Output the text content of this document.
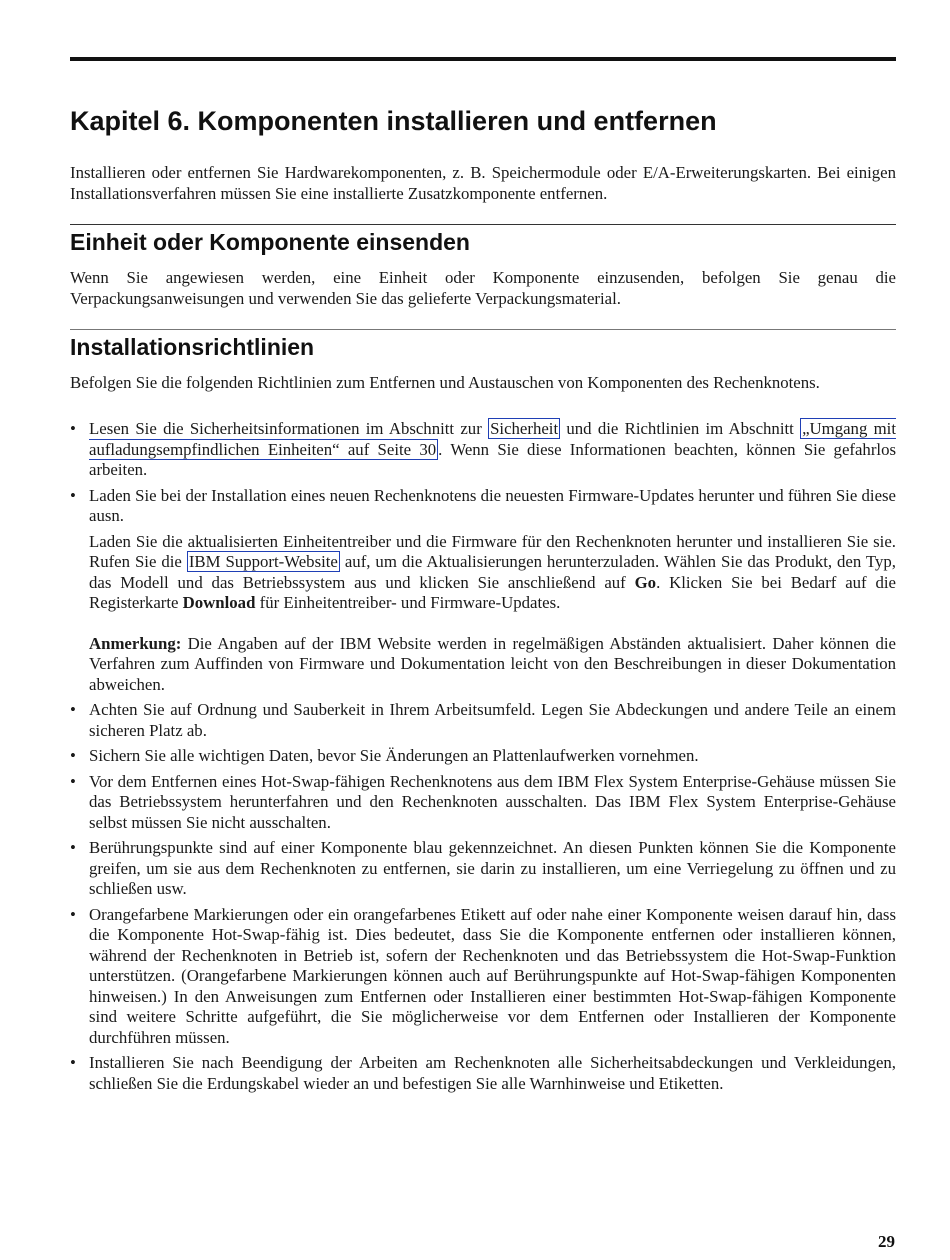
Kapitel 6. Komponenten installieren und entfernen

Installieren oder entfernen Sie Hardwarekomponenten, z. B. Speichermodule oder E/A-Erweiterungskarten. Bei einigen Installationsverfahren müssen Sie eine installierte Zusatzkomponente entfernen.

Einheit oder Komponente einsenden

Wenn Sie angewiesen werden, eine Einheit oder Komponente einzusenden, befolgen Sie genau die Verpackungsanweisungen und verwenden Sie das gelieferte Verpackungsmaterial.

Installationsrichtlinien

Befolgen Sie die folgenden Richtlinien zum Entfernen und Austauschen von Komponenten des Rechenknotens.

• Lesen Sie die Sicherheitsinformationen im Abschnitt zur Sicherheit und die Richtlinien im Abschnitt „Umgang mit aufladungsempfindlichen Einheiten“ auf Seite 30 . Wenn Sie diese Informationen beachten, können Sie gefahrlos arbeiten.

• Laden Sie bei der Installation eines neuen Rechenknotens die neuesten Firmware-Updates herunter und führen Sie diese ausn.

Laden Sie die aktualisierten Einheitentreiber und die Firmware für den Rechenknoten herunter und installieren Sie sie. Rufen Sie die IBM Support-Website auf, um die Aktualisierungen herunterzuladen. Wählen Sie das Produkt, den Typ, das Modell und das Betriebssystem aus und klicken Sie anschließend auf Go. Klicken Sie bei Bedarf auf die Registerkarte Download für Einheitentreiber- und Firmware-Updates.

Anmerkung: Die Angaben auf der IBM Website werden in regelmäßigen Abständen aktualisiert. Daher können die Verfahren zum Auffinden von Firmware und Dokumentation leicht von den Beschreibungen in dieser Dokumentation abweichen.

• Achten Sie auf Ordnung und Sauberkeit in Ihrem Arbeitsumfeld. Legen Sie Abdeckungen und andere Teile an einem sicheren Platz ab.

• Sichern Sie alle wichtigen Daten, bevor Sie Änderungen an Plattenlaufwerken vornehmen.

• Vor dem Entfernen eines Hot-Swap-fähigen Rechenknotens aus dem IBM Flex System Enterprise-Gehäuse müssen Sie das Betriebssystem herunterfahren und den Rechenknoten ausschalten. Das IBM Flex System Enterprise-Gehäuse selbst müssen Sie nicht ausschalten.

• Berührungspunkte sind auf einer Komponente blau gekennzeichnet. An diesen Punkten können Sie die Komponente greifen, um sie aus dem Rechenknoten zu entfernen, sie darin zu installieren, um eine Verriegelung zu öffnen und zu schließen usw.

• Orangefarbene Markierungen oder ein orangefarbenes Etikett auf oder nahe einer Komponente weisen darauf hin, dass die Komponente Hot-Swap-fähig ist. Dies bedeutet, dass Sie die Komponente entfernen oder installieren können, während der Rechenknoten in Betrieb ist, sofern der Rechenknoten und das Betriebssystem die Hot-Swap-Funktion unterstützen. (Orangefarbene Markierungen können auch auf Berührungspunkte auf Hot-Swap-fähigen Komponenten hinweisen.) In den Anweisungen zum Entfernen oder Installieren einer bestimmten Hot-Swap-fähigen Komponente sind weitere Schritte aufgeführt, die Sie möglicherweise vor dem Entfernen oder Installieren der Komponente durchführen müssen.

• Installieren Sie nach Beendigung der Arbeiten am Rechenknoten alle Sicherheitsabdeckungen und Verkleidungen, schließen Sie die Erdungskabel wieder an und befestigen Sie alle Warnhinweise und Etiketten.

29
